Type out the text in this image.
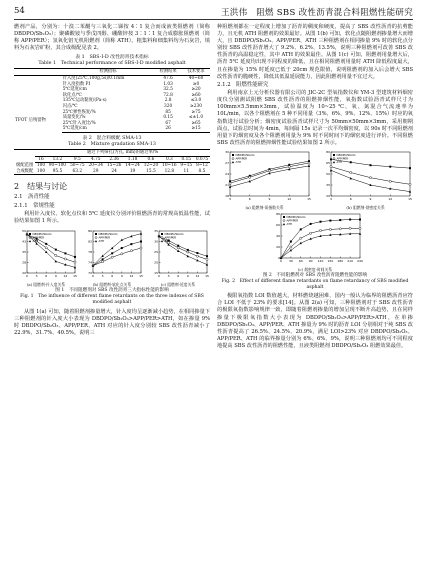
54	王洪伟　阻燃 SBS 改性沥青混合料阻燃性能研究

燃剂产品，分别为：十溴二苯醚与三氧化二锑按 4∶1 复合而成液类阻燃剂（简称 DBDPO/Sb₂O₃）；聚磷酸铵与季戊四醇、硼酸锌按 3∶1∶1 复合成膨胀阻燃剂（简称 APP/PER）；氢氧化铝无机阻燃剂（简称 ATH）。粗集料和细集料均为石灰岩，填料为石灰岩矿粉，其合成级配见表 2。

表 1　SBS-I-D 改性沥青技术指标
Table 1　Technical performance of SBS-I-D modified asphalt
	检测指标	检测结果	技术要求
	针入度(25℃,100g,5s)/0.1mm	47.6	40~60
	针入度指数 PI	1.03	≥0
	5℃延度/cm	32.5	≥20
	软化点/℃	72.8	≥60
	135℃运动黏度/(Pa·s)	2.8	≤3.0
	闪点/℃	320	≥230
TFOT 后残留物	25℃弹性恢复/%	85	≥75
	质量变化/%	0.15	≤±1.0
	25℃针入度比/%	67	≥65
	5℃延度/cm	26	≥15
表 2　混合料级配 SMA-13
Table 2　Mixture gradation SMA-13
	通过下列筛孔(方孔, mm)的通过率/%									
	16	13.2	9.5	4.75	2.36	1.18	0.6	0.3	0.15	0.075
级配范围	100	90~100	50~75	20~34	15~26	14~24	12~20	10~16	9~15	8~12
合成级配	100	95.5	63.2	29	24	19	15.5	12.8	11	8.5
2　结果与讨论
2.1　沥青性能
2.1.1　常规性能

利用针入度仪、软化点仪和 5℃ 延度仪分别评价阻燃沥青的常规高低温性能，试验结果如图 1 所示。

20
28
35
43
50
0	3	6	9 12 15
DBDPO/Sb₂O₃
APP/PER
ATH
(a) 阻燃剂-针入度关系
70
74
78
82
86
0	3	6	9 12 15
DBDPO/Sb₂O₃
APP/PER
ATH
(b) 阻燃剂-软化点关系
15
20
25
30
35
0	3	6	9 12 15
DBDPO/Sb₂O₃
APP/PER
ATH
(c) 阻燃剂-延度关系
图 1　不同阻燃剂对 SBS 改性沥青三大指标性能的影响
Fig. 1　The influence of different flame retardants on the three indexes of SBS modified asphalt

从图 1(a) 可知，随着阻燃剂掺量增大，针入度均呈逐渐减小趋势，在相同掺量下三种阻燃剂的针入度大小表现为 DBDPO/Sb₂O₃>APP/PER>ATH，如在掺量 9% 时 DBDPO/Sb₂O₃、APP/PER、ATH 对应的针入度分别较 SBS 改性沥青减小了 22.9%、31.7%、40.5%。说明三

种阻燃剂都在一定程度上增加了沥青的稠度和硬度，提高了 SBS 改性沥青的抗剪能力，且无机 ATH 阻燃剂的效果最好。从图 1(b) 可知，软化点随阻燃剂掺量增大而增大，且 DBDPO/Sb₂O₃、APP/PER、ATH 三种阻燃剂在相同掺量 9% 时的软化点分别较 SBS 改性沥青增大了 9.2%、6.2%、13.5%，说明三种阻燃剂可改善 SBS 改性沥青的高温稳定性，其中 ATH 的效果最佳。从图 1(c) 可知，阻燃剂用量增大后，沥青 5℃ 延度均出现不同程度的降低，且在相同阻燃剂用量时 ATH 降低程度最大，且在掺量为 15% 时延度已低于 20cm 规范限值，说明阻燃剂的加入后会增大 SBS 改性沥青的脆硬性，降低其低温延展能力，因此阻燃剂用量不宜过大。

2.1.2　阻燃性能研究

利用南京上元分析仪器有限公司的 JIC-2C 型氧指数仪和 YM-3 型建筑材料烟密度仪分别测试阻燃 SBS 改性沥青的阻燃抑烟性能，氧指数试验沥青试样尺寸为 100mm×5.5mm×3mm，试验温度为 10~25 ℃，氧、氮混合气流速率为 10L/min，以各个阻燃剂在 5 种不同用量（3%、6%、9%、12%、15%）时应的氧指数进行试验分析；烟密度试验沥青试样尺寸为 50mm×50mm×3mm，采用朝期面点，试验总时间为 4min，每间隔 15s 记录一次平均烟密度，以 90s 时不同阻燃剂用量下的烟密度及各个阻燃剂用量为 9% 时不同时间下的烟密度进行评价。不同阻燃 SBS 改性沥青的阻燃抑烟性能试验结果如图 2 所示。

18
21
24
27
30
3	6	9	12	15
DBDPO/Sb₂O₃
APP/PER
ATH
(a) 阻燃剂-氧指数关系
20
35
50
65
80
3	6	9	12	15
DBDPO/Sb₂O₃
APP/PER
ATH
(b) 阻燃剂-烟密度关系
0
20
40
60
80
0 30 60 90 120 150 180 210 240
DBDPO/Sb₂O₃
APP/PER
ATH
(c) 烟密度-时间关系
图 2　不同阻燃剂对 SBS 改性沥青阻燃性能的影响
Fig. 2　Effect of different flame retardants on flame retardancy of SBS modified asphalt

极限氧指数 LOI 数值越大，材料燃烧越困难，国内一般认为临界的阻燃沥青应符合 LOI 不低于 23% 的要求[14]。从图 2(a) 可知，三种阻燃剂对于 SBS 改性沥青的极限氧指数影响规律一致，即随着阻燃剂掺量的增加呈现不断升高趋势，且在同样掺量下极限氧指数大小表现为 DBDPO/Sb₂O₃>APP/PER>ATH，在单掺 DBDPO/Sb₂O₃、APP/PER、ATH 掺量为 9% 时的沥青 LOI 分别相对于纯 SBS 改性沥青提高了 26.5%、24.5%、20.9%，满足 LOI>23% 对应 DBDPO/Sb₂O₃、APP/PER、ATH 的临界掺量分别为 6%、6%、9%，说明三种阻燃剂均可不同程度地提高 SBS 改性沥青的阻燃性能，且液类阻燃剂 DBDPO/Sb₂O₃ 阻燃效果最佳。
